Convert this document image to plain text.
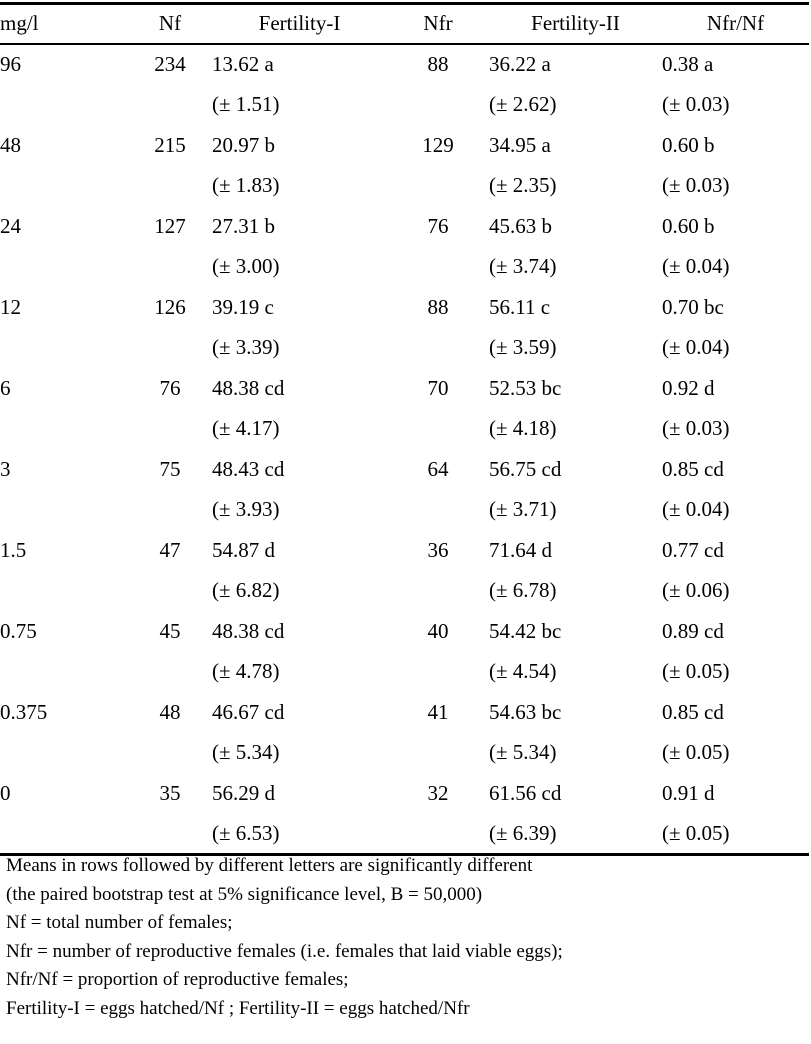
mg/l	Nf	Fertility-I	Nfr	Fertility-II	Nfr/Nf
96	234	13.62 a	88	36.22 a	0.38 a
		(± 1.51)		(± 2.62)	(± 0.03)
48	215	20.97 b	129	34.95 a	0.60 b
		(± 1.83)		(± 2.35)	(± 0.03)
24	127	27.31 b	76	45.63 b	0.60 b
		(± 3.00)		(± 3.74)	(± 0.04)
12	126	39.19 c	88	56.11 c	0.70 bc
		(± 3.39)		(± 3.59)	(± 0.04)
6	76	48.38 cd	70	52.53 bc	0.92 d
		(± 4.17)		(± 4.18)	(± 0.03)
3	75	48.43 cd	64	56.75 cd	0.85 cd
		(± 3.93)		(± 3.71)	(± 0.04)
1.5	47	54.87 d	36	71.64 d	0.77 cd
		(± 6.82)		(± 6.78)	(± 0.06)
0.75	45	48.38 cd	40	54.42 bc	0.89 cd
		(± 4.78)		(± 4.54)	(± 0.05)
0.375	48	46.67 cd	41	54.63 bc	0.85 cd
		(± 5.34)		(± 5.34)	(± 0.05)
0	35	56.29 d	32	61.56 cd	0.91 d
		(± 6.53)		(± 6.39)	(± 0.05)

Means in rows followed by different letters are significantly different

(the paired bootstrap test at 5% significance level, B = 50,000)

Nf = total number of females;

Nfr = number of reproductive females (i.e. females that laid viable eggs);

Nfr/Nf = proportion of reproductive females;

Fertility-I = eggs hatched/Nf ; Fertility-II = eggs hatched/Nfr
